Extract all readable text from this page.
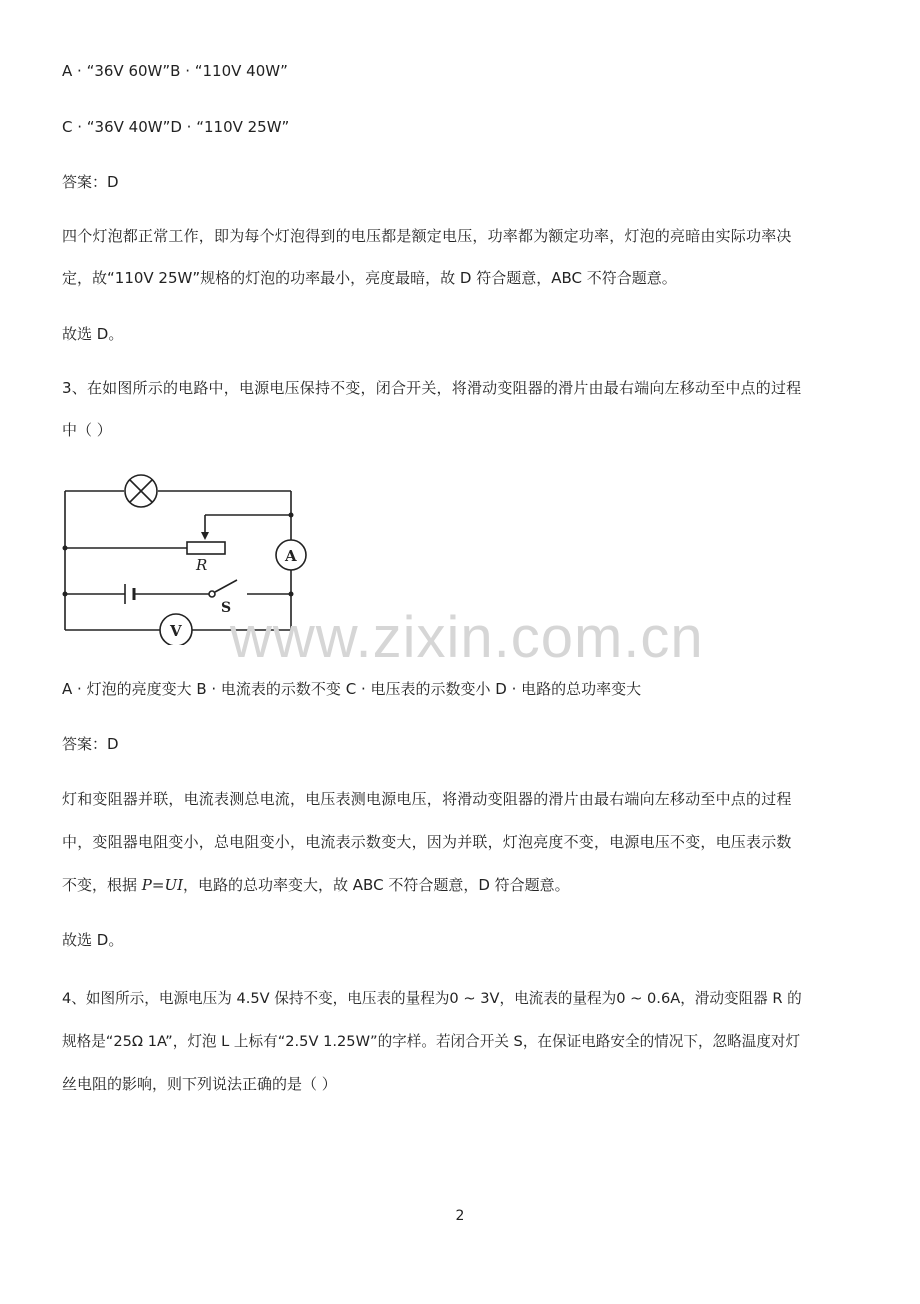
A · “36V 60W”B · “110V 40W”
C · “36V 40W”D · “110V 25W”
答案：D
四个灯泡都正常工作，即为每个灯泡得到的电压都是额定电压，功率都为额定功率，灯泡的亮暗由实际功率决
定，故“110V 25W”规格的灯泡的功率最小，亮度最暗，故 D 符合题意，ABC 不符合题意。
故选 D。
3、在如图所示的电路中，电源电压保持不变，闭合开关，将滑动变阻器的滑片由最右端向左移动至中点的过程
中（ ）
R
S
A
V www.zixin.com.cn
A · 灯泡的亮度变大 B · 电流表的示数不变 C · 电压表的示数变小 D · 电路的总功率变大
答案：D
灯和变阻器并联，电流表测总电流，电压表测电源电压，将滑动变阻器的滑片由最右端向左移动至中点的过程
中，变阻器电阻变小，总电阻变小，电流表示数变大，因为并联，灯泡亮度不变，电源电压不变，电压表示数
不变，根据 P=UI，电路的总功率变大，故 ABC 不符合题意，D 符合题意。
故选 D。
4、如图所示，电源电压为 4.5V 保持不变，电压表的量程为0 ~ 3V，电流表的量程为0 ~ 0.6A，滑动变阻器 R 的
规格是“25Ω 1A”，灯泡 L 上标有“2.5V 1.25W”的字样。若闭合开关 S，在保证电路安全的情况下，忽略温度对灯
丝电阻的影响，则下列说法正确的是（ ）
2
